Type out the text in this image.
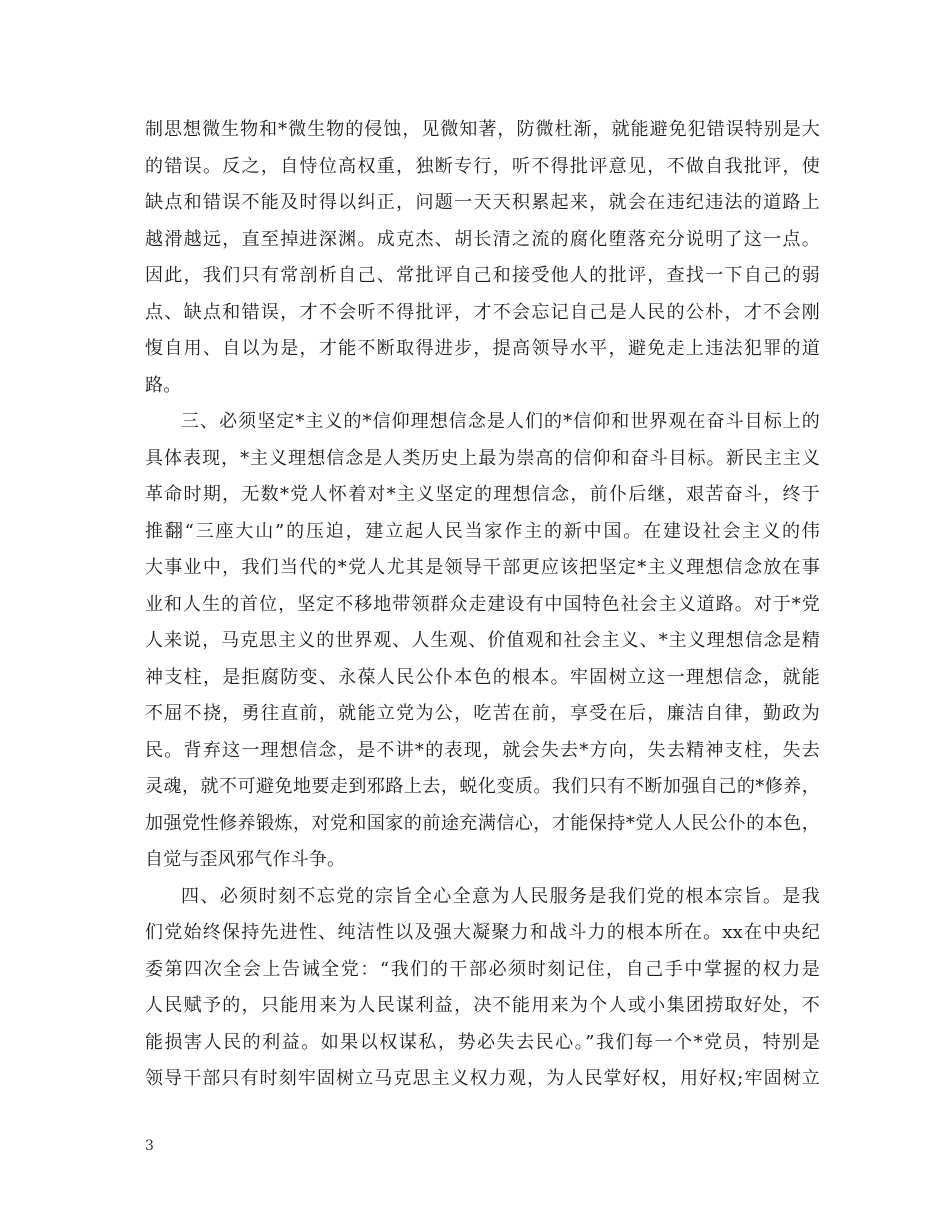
制思想微生物和*微生物的侵蚀，见微知著，防微杜渐，就能避免犯错误特别是大
的错误。反之，自恃位高权重，独断专行，听不得批评意见，不做自我批评，使
缺点和错误不能及时得以纠正，问题一天天积累起来，就会在违纪违法的道路上
越滑越远，直至掉进深渊。成克杰、胡长清之流的腐化堕落充分说明了这一点。
因此，我们只有常剖析自己、常批评自己和接受他人的批评，查找一下自己的弱
点、缺点和错误，才不会听不得批评，才不会忘记自己是人民的公朴，才不会刚
愎自用、自以为是，才能不断取得进步，提高领导水平，避免走上违法犯罪的道
路。
三、必须坚定*主义的*信仰理想信念是人们的*信仰和世界观在奋斗目标上的
具体表现，*主义理想信念是人类历史上最为崇高的信仰和奋斗目标。新民主主义
革命时期，无数*党人怀着对*主义坚定的理想信念，前仆后继，艰苦奋斗，终于
推翻“三座大山”的压迫，建立起人民当家作主的新中国。在建设社会主义的伟
大事业中，我们当代的*党人尤其是领导干部更应该把坚定*主义理想信念放在事
业和人生的首位，坚定不移地带领群众走建设有中国特色社会主义道路。对于*党
人来说，马克思主义的世界观、人生观、价值观和社会主义、*主义理想信念是精
神支柱，是拒腐防变、永葆人民公仆本色的根本。牢固树立这一理想信念，就能
不屈不挠，勇往直前，就能立党为公，吃苦在前，享受在后，廉洁自律，勤政为
民。背弃这一理想信念，是不讲*的表现，就会失去*方向，失去精神支柱，失去
灵魂，就不可避免地要走到邪路上去，蜕化变质。我们只有不断加强自己的*修养，
加强党性修养锻炼，对党和国家的前途充满信心，才能保持*党人人民公仆的本色，
自觉与歪风邪气作斗争。
四、必须时刻不忘党的宗旨全心全意为人民服务是我们党的根本宗旨。是我
们党始终保持先进性、纯洁性以及强大凝聚力和战斗力的根本所在。xx在中央纪
委第四次全会上告诫全党：“我们的干部必须时刻记住，自己手中掌握的权力是
人民赋予的，只能用来为人民谋利益，决不能用来为个人或小集团捞取好处，不
能损害人民的利益。如果以权谋私，势必失去民心。”我们每一个*党员，特别是
领导干部只有时刻牢固树立马克思主义权力观，为人民掌好权，用好权;牢固树立
3
